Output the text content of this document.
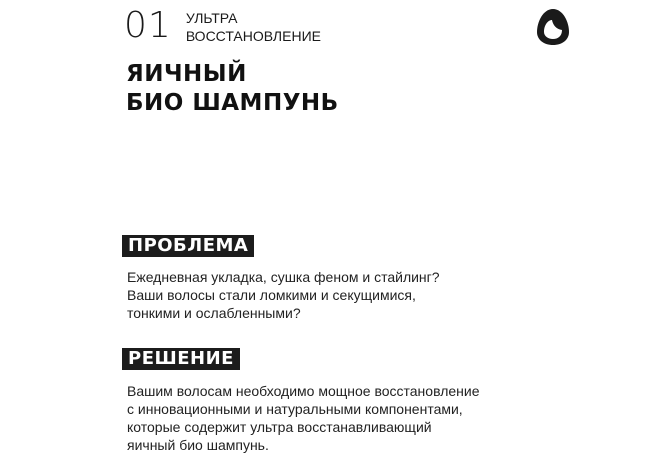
01 УЛЬТРА
ВОССТАНОВЛЕНИЕ
ЯИЧНЫЙ
БИО ШАМПУНЬ
ПРОБЛЕМА
Ежедневная укладка, сушка феном и стайлинг?
Ваши волосы стали ломкими и секущимися,
тонкими и ослабленными?
РЕШЕНИЕ
Вашим волосам необходимо мощное восстановление
с инновационными и натуральными компонентами,
которые содержит ультра восстанавливающий
яичный био шампунь.
